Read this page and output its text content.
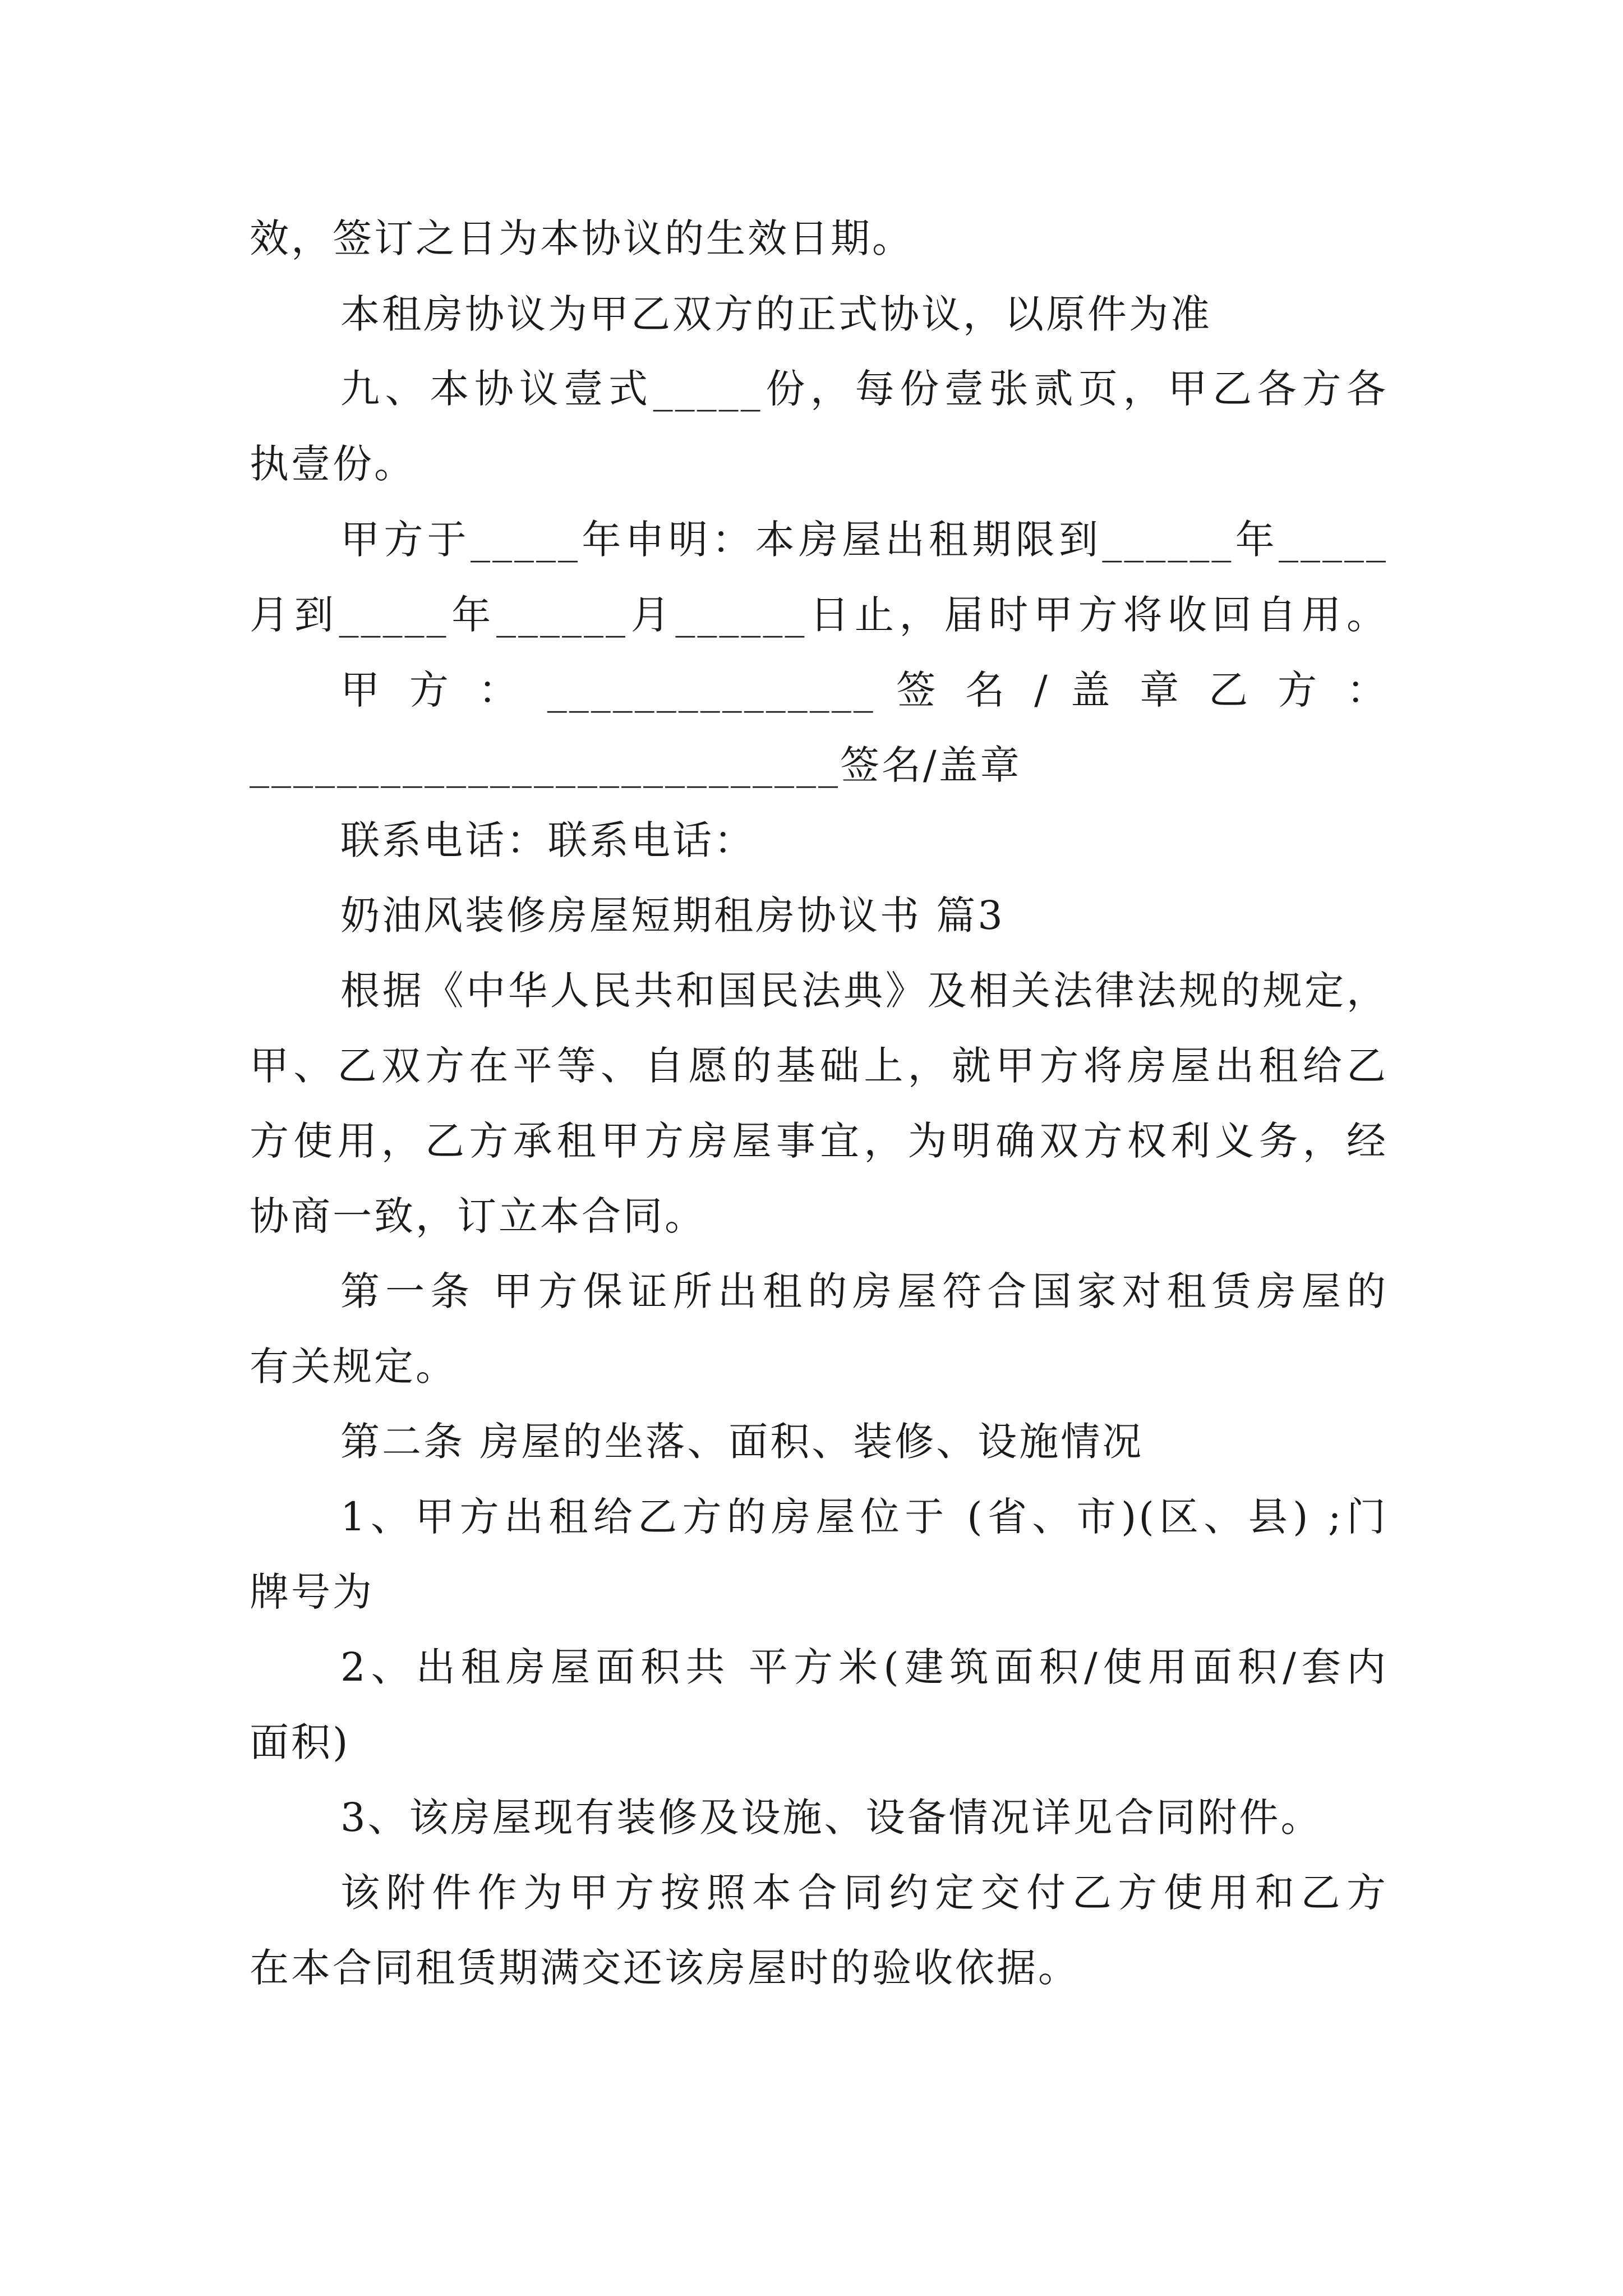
效，签订之日为本协议的生效日期。
本租房协议为甲乙双方的正式协议，以原件为准
九、本协议壹式_____份，每份壹张贰页，甲乙各方各
执壹份。
甲方于_____年申明：本房屋出租期限到______年_____
月到_____年______月______日止，届时甲方将收回自用。
甲 方 ： _______________ 签 名 / 盖 章 乙 方 ：
___________________________签名/盖章
联系电话：联系电话：
奶油风装修房屋短期租房协议书 篇3
根据《中华人民共和国民法典》及相关法律法规的规定，
甲、乙双方在平等、自愿的基础上，就甲方将房屋出租给乙
方使用，乙方承租甲方房屋事宜，为明确双方权利义务，经
协商一致，订立本合同。
第一条 甲方保证所出租的房屋符合国家对租赁房屋的
有关规定。
第二条 房屋的坐落、面积、装修、设施情况
1、甲方出租给乙方的房屋位于 (省、市)(区、县) ;门
牌号为
2、出租房屋面积共 平方米(建筑面积/使用面积/套内
面积)
3、该房屋现有装修及设施、设备情况详见合同附件。
该附件作为甲方按照本合同约定交付乙方使用和乙方
在本合同租赁期满交还该房屋时的验收依据。
